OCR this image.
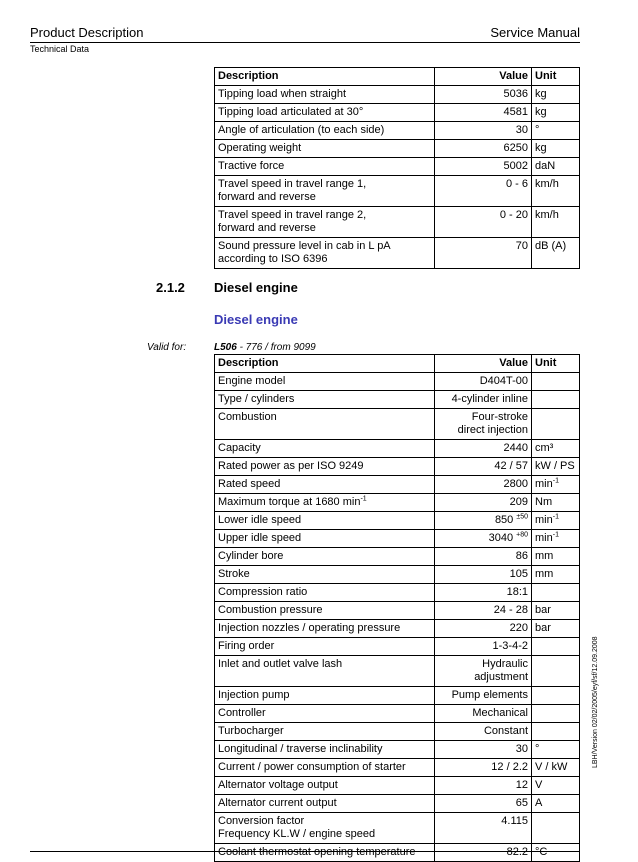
Product Description	Service Manual
Technical Data
Description	Value	Unit
Tipping load when straight	5036	kg
Tipping load articulated at 30°	4581	kg
Angle of articulation (to each side)	30	°
Operating weight	6250	kg
Tractive force	5002	daN
Travel speed in travel range 1,
forward and reverse	0 - 6	km/h
Travel speed in travel range 2,
forward and reverse	0 - 20	km/h
Sound pressure level in cab in L pA
according to ISO 6396	70	dB (A)
2.1.2 Diesel engine
Diesel engine
Valid for:	L506 - 776 / from 9099
Description	Value	Unit
Engine model	D404T-00	
Type / cylinders	4-cylinder inline	
Combustion	Four-stroke
direct injection	
Capacity	2440	cm³
Rated power as per ISO 9249	42 / 57	kW / PS
Rated speed	2800	$\min^{-1}$
Maximum torque at 1680 $\min^{-1}$	209	Nm
Lower idle speed	850 $^{\pm 50}$	$\min^{-1}$
Upper idle speed	3040 $^{+80}$	$\min^{-1}$
Cylinder bore	86	mm
Stroke	105	mm
Compression ratio	18:1	
Combustion pressure	24 - 28	bar
Injection nozzles / operating pressure	220	bar
Firing order	1-3-4-2	
Inlet and outlet valve lash	Hydraulic
adjustment	
Injection pump	Pump elements	
Controller	Mechanical	
Turbocharger	Constant	
Longitudinal / traverse inclinability	30	°
Current / power consumption of starter	12 / 2.2	V / kW
Alternator voltage output	12	V
Alternator current output	65	A
Conversion factor
Frequency KL.W / engine speed	4.115	
Coolant thermostat opening temperature	82.2	°C
LBH/Version 02/02/2005/eyf/sf/12.09.2008
